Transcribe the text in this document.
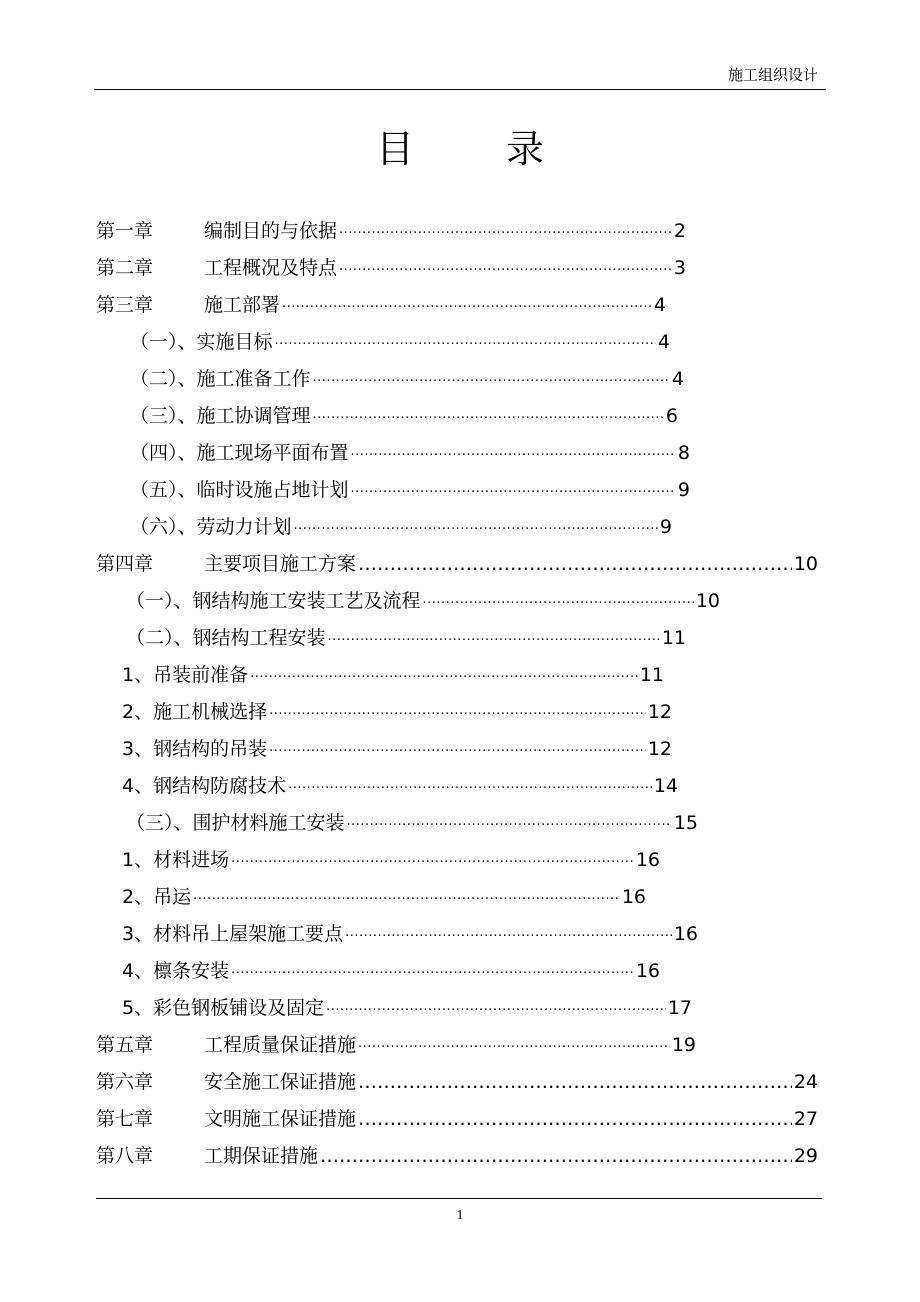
施工组织设计
目 录
第一章	编制目的与依据 ·····	2
第二章	工程概况及特点 ·····	3
第三章	施工部署 ·····	4
（一）、实施目标 ·····	4
（二）、施工准备工作 ·····	4
（三）、施工协调管理 ·····	6
（四）、施工现场平面布置 ·····	8
（五）、临时设施占地计划 ·····	9
（六）、劳动力计划 ·····	9
第四章	主要项目施工方案 ……………………………………………………………………………………………………………………	10
（一）、钢结构施工安装工艺及流程 ·····	10
（二）、钢结构工程安装 ·····	11
1、吊装前准备 ·····	11
2、施工机械选择 ·····	12
3、钢结构的吊装 ·····	12
4、钢结构防腐技术 ·····	14
（三）、围护材料施工安装 ·····	15
1、材料进场 ·····	16
2、吊运 ·····	16
3、材料吊上屋架施工要点 ·····	16
4、檩条安装 ·····	16
5、彩色钢板铺设及固定 ·····	17
第五章	工程质量保证措施 ·····	19
第六章	安全施工保证措施 ……………………………………………………………………………………………………………………	24
第七章	文明施工保证措施 ……………………………………………………………………………………………………………………	27
第八章	工期保证措施 ……………………………………………………………………………………………………………………	29
1
